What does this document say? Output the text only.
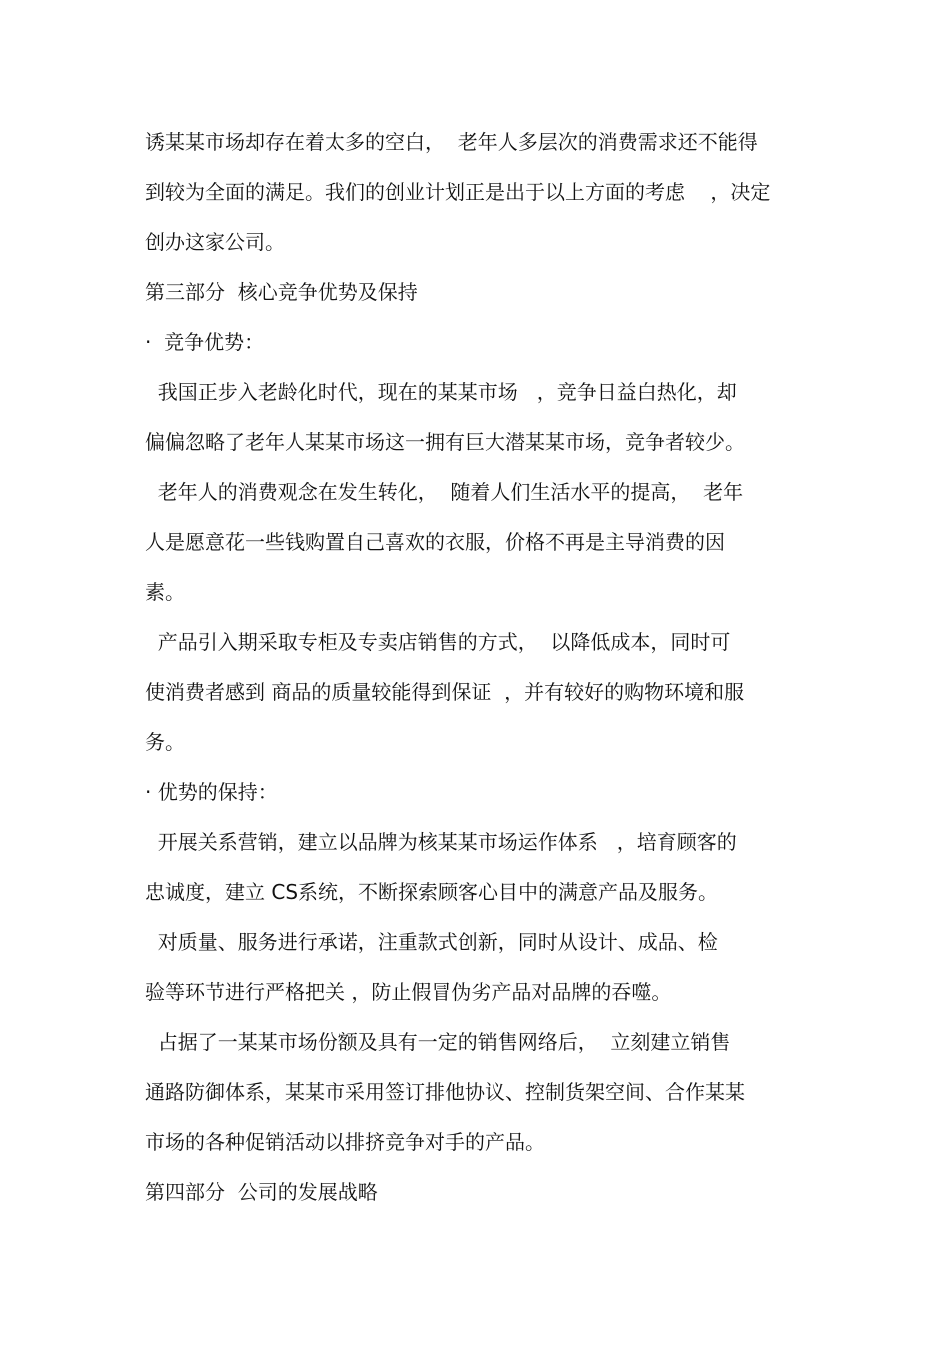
诱某某市场却存在着太多的空白，  老年人多层次的消费需求还不能得

到较为全面的满足。我们的创业计划正是出于以上方面的考虑    ，决定

创办这家公司。

第三部分  核心竞争优势及保持

·  竞争优势：

我国正步入老龄化时代，现在的某某市场   ，竞争日益白热化，却

偏偏忽略了老年人某某市场这一拥有巨大潜某某市场，竞争者较少。

老年人的消费观念在发生转化，  随着人们生活水平的提高，  老年

人是愿意花一些钱购置自己喜欢的衣服，价格不再是主导消费的因

素。

产品引入期采取专柜及专卖店销售的方式，  以降低成本，同时可

使消费者感到 商品的质量较能得到保证  ，并有较好的购物环境和服

务。

· 优势的保持：

开展关系营销，建立以品牌为核某某市场运作体系   ，培育顾客的

忠诚度，建立 CS系统，不断探索顾客心目中的满意产品及服务。

对质量、服务进行承诺，注重款式创新，同时从设计、成品、检

验等环节进行严格把关 ，防止假冒伪劣产品对品牌的吞噬。

占据了一某某市场份额及具有一定的销售网络后，  立刻建立销售

通路防御体系，某某市采用签订排他协议、控制货架空间、合作某某

市场的各种促销活动以排挤竞争对手的产品。

第四部分  公司的发展战略
